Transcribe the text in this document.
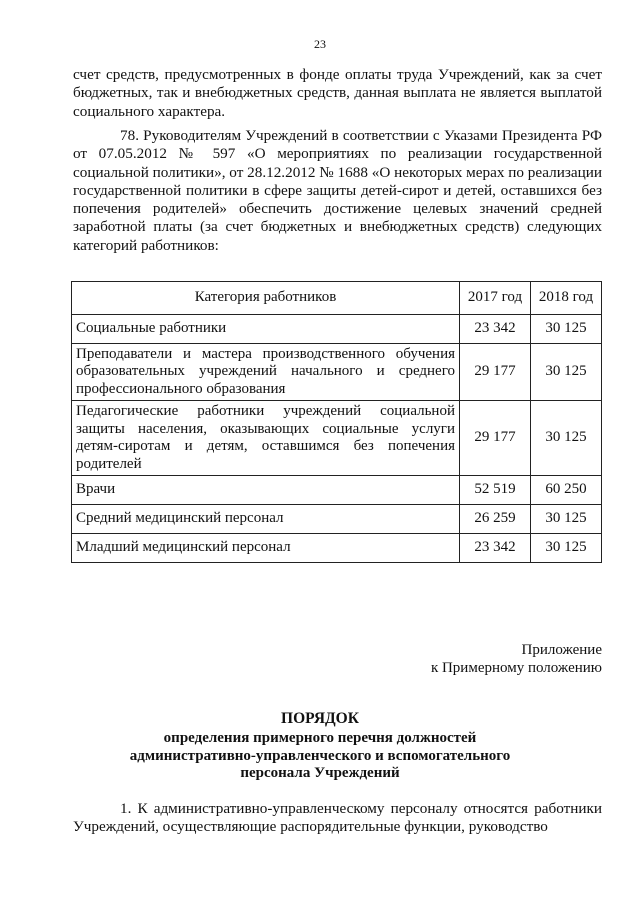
23

счет средств, предусмотренных в фонде оплаты труда Учреждений, как за счет бюджетных, так и внебюджетных средств, данная выплата не является выплатой социального характера.

78. Руководителям Учреждений в соответствии с Указами Президента РФ от 07.05.2012 № 597 «О мероприятиях по реализации государственной социальной политики», от 28.12.2012 № 1688 «О некоторых мерах по реализации государственной политики в сфере защиты детей-сирот и детей, оставшихся без попечения родителей» обеспечить достижение целевых значений средней заработной платы (за счет бюджетных и внебюджетных средств) следующих категорий работников:

Категория работников	2017 год	2018 год
Социальные работники	23 342	30 125
Преподаватели и мастера производственного обучения образовательных учреждений начального и среднего профессионального образования	29 177	30 125
Педагогические работники учреждений социальной защиты населения, оказывающих социальные услуги детям-сиротам и детям, оставшимся без попечения родителей	29 177	30 125
Врачи	52 519	60 250
Средний медицинский персонал	26 259	30 125
Младший медицинский персонал	23 342	30 125

Приложение

к Примерному положению

ПОРЯДОК
определения примерного перечня должностей
административно-управленческого и вспомогательного
персонала Учреждений

1. К административно-управленческому персоналу относятся работники Учреждений, осуществляющие распорядительные функции, руководство
